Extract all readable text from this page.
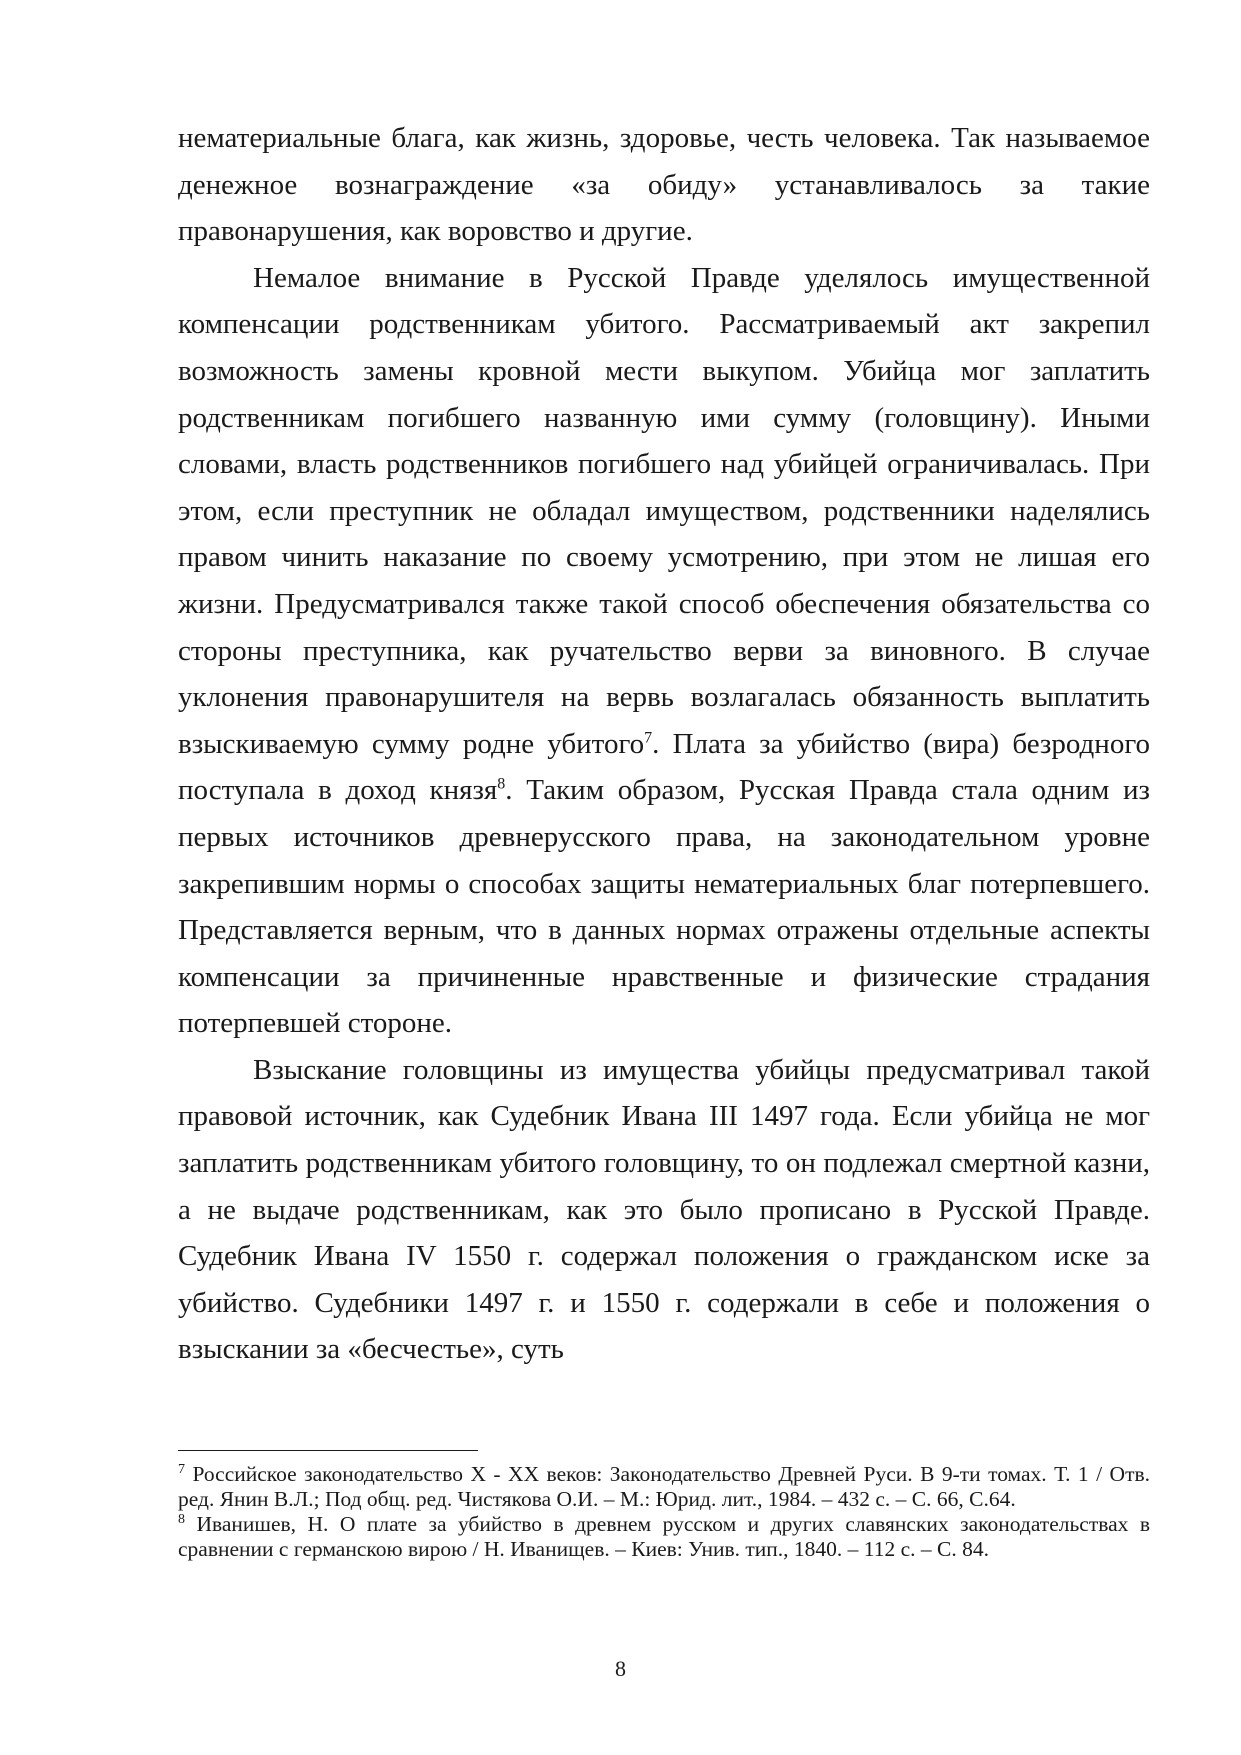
нематериальные блага, как жизнь, здоровье, честь человека. Так называемое денежное вознаграждение «за обиду» устанавливалось за такие правонарушения, как воровство и другие.

Немалое внимание в Русской Правде уделялось имущественной компенсации родственникам убитого. Рассматриваемый акт закрепил возможность замены кровной мести выкупом. Убийца мог заплатить родственникам погибшего названную ими сумму (головщину). Иными словами, власть родственников погибшего над убийцей ограничивалась. При этом, если преступник не обладал имуществом, родственники наделялись правом чинить наказание по своему усмотрению, при этом не лишая его жизни. Предусматривался также такой способ обеспечения обязательства со стороны преступника, как ручательство верви за виновного. В случае уклонения правонарушителя на вервь возлагалась обязанность выплатить взыскиваемую сумму родне убитого$^7$. Плата за убийство (вира) безродного поступала в доход князя$^8$. Таким образом, Русская Правда стала одним из первых источников древнерусского права, на законодательном уровне закрепившим нормы о способах защиты нематериальных благ потерпевшего. Представляется верным, что в данных нормах отражены отдельные аспекты компенсации за причиненные нравственные и физические страдания потерпевшей стороне.

Взыскание головщины из имущества убийцы предусматривал такой правовой источник, как Судебник Ивана III 1497 года. Если убийца не мог заплатить родственникам убитого головщину, то он подлежал смертной казни, а не выдаче родственникам, как это было прописано в Русской Правде. Судебник Ивана IV 1550 г. содержал положения о гражданском иске за убийство. Судебники 1497 г. и 1550 г. содержали в себе и положения о взыскании за «бесчестье», суть

$^7$ Российское законодательство X - XX веков: Законодательство Древней Руси. В 9-ти томах. Т. 1 / Отв. ред. Янин В.Л.; Под общ. ред. Чистякова О.И. – М.: Юрид. лит., 1984. – 432 с. – С. 66, С.64.

$^8$ Иванишев, Н. О плате за убийство в древнем русском и других славянских законодательствах в сравнении с германскою вирою / Н. Иванищев. – Киев: Унив. тип., 1840. – 112 с. – С. 84.

8
